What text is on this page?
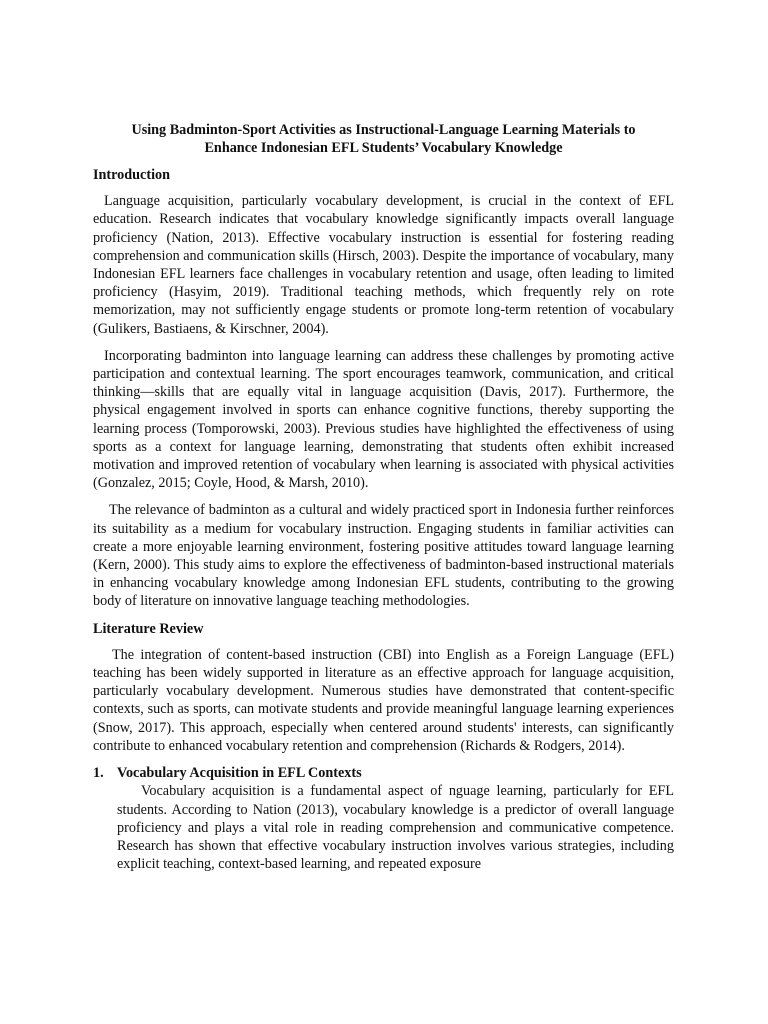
Using Badminton-Sport Activities as Instructional-Language Learning Materials to
Enhance Indonesian EFL Students’ Vocabulary Knowledge
Introduction

Language acquisition, particularly vocabulary development, is crucial in the context of EFL education. Research indicates that vocabulary knowledge significantly impacts overall language proficiency (Nation, 2013). Effective vocabulary instruction is essential for fostering reading comprehension and communication skills (Hirsch, 2003). Despite the importance of vocabulary, many Indonesian EFL learners face challenges in vocabulary retention and usage, often leading to limited proficiency (Hasyim, 2019). Traditional teaching methods, which frequently rely on rote memorization, may not sufficiently engage students or promote long-term retention of vocabulary (Gulikers, Bastiaens, & Kirschner, 2004).

Incorporating badminton into language learning can address these challenges by promoting active participation and contextual learning. The sport encourages teamwork, communication, and critical thinking—skills that are equally vital in language acquisition (Davis, 2017). Furthermore, the physical engagement involved in sports can enhance cognitive functions, thereby supporting the learning process (Tomporowski, 2003). Previous studies have highlighted the effectiveness of using sports as a context for language learning, demonstrating that students often exhibit increased motivation and improved retention of vocabulary when learning is associated with physical activities (Gonzalez, 2015; Coyle, Hood, & Marsh, 2010).

The relevance of badminton as a cultural and widely practiced sport in Indonesia further reinforces its suitability as a medium for vocabulary instruction. Engaging students in familiar activities can create a more enjoyable learning environment, fostering positive attitudes toward language learning (Kern, 2000). This study aims to explore the effectiveness of badminton-based instructional materials in enhancing vocabulary knowledge among Indonesian EFL students, contributing to the growing body of literature on innovative language teaching methodologies.

Literature Review

The integration of content-based instruction (CBI) into English as a Foreign Language (EFL) teaching has been widely supported in literature as an effective approach for language acquisition, particularly vocabulary development. Numerous studies have demonstrated that content-specific contexts, such as sports, can motivate students and provide meaningful language learning experiences (Snow, 2017). This approach, especially when centered around students' interests, can significantly contribute to enhanced vocabulary retention and comprehension (Richards & Rodgers, 2014).

1. Vocabulary Acquisition in EFL Contexts

Vocabulary acquisition is a fundamental aspect of nguage learning, particularly for EFL students. According to Nation (2013), vocabulary knowledge is a predictor of overall language proficiency and plays a vital role in reading comprehension and communicative competence. Research has shown that effective vocabulary instruction involves various strategies, including explicit teaching, context-based learning, and repeated exposure
